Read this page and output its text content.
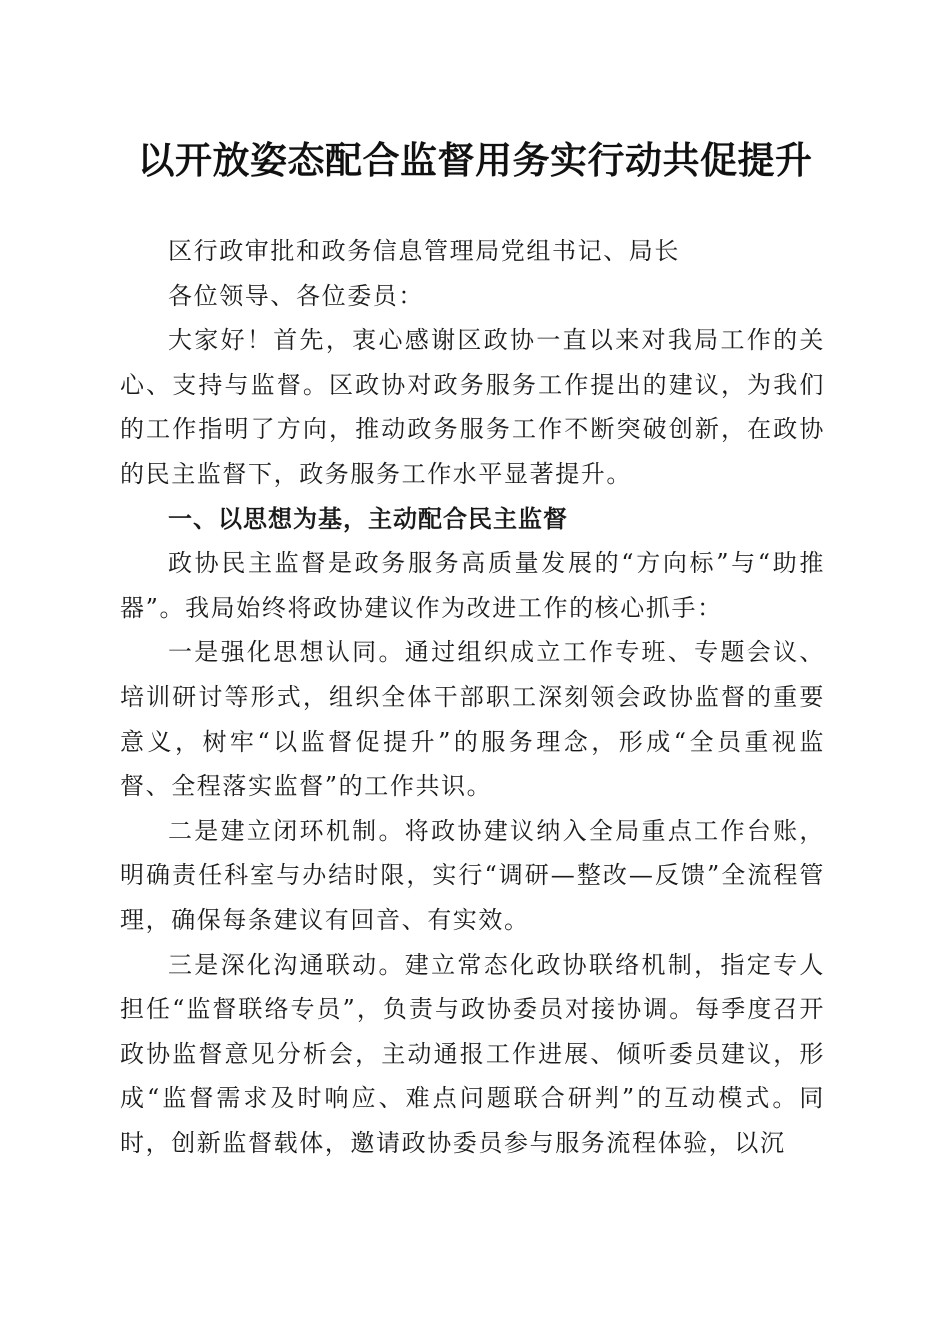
以开放姿态配合监督用务实行动共促提升

区行政审批和政务信息管理局党组书记、局长

各位领导、各位委员：

大家好！首先，衷心感谢区政协一直以来对我局工作的关心、支持与监督。区政协对政务服务工作提出的建议，为我们的工作指明了方向，推动政务服务工作不断突破创新，在政协的民主监督下，政务服务工作水平显著提升。

一、以思想为基，主动配合民主监督

政协民主监督是政务服务高质量发展的“方向标”与“助推器”。我局始终将政协建议作为改进工作的核心抓手：

一是强化思想认同。通过组织成立工作专班、专题会议、培训研讨等形式，组织全体干部职工深刻领会政协监督的重要意义，树牢“以监督促提升”的服务理念，形成“全员重视监督、全程落实监督”的工作共识。

二是建立闭环机制。将政协建议纳入全局重点工作台账，明确责任科室与办结时限，实行“调研—整改—反馈”全流程管理，确保每条建议有回音、有实效。

三是深化沟通联动。建立常态化政协联络机制，指定专人担任“监督联络专员”，负责与政协委员对接协调。每季度召开政协监督意见分析会，主动通报工作进展、倾听委员建议，形成“监督需求及时响应、难点问题联合研判”的互动模式。同时，创新监督载体，邀请政协委员参与服务流程体验，以沉
